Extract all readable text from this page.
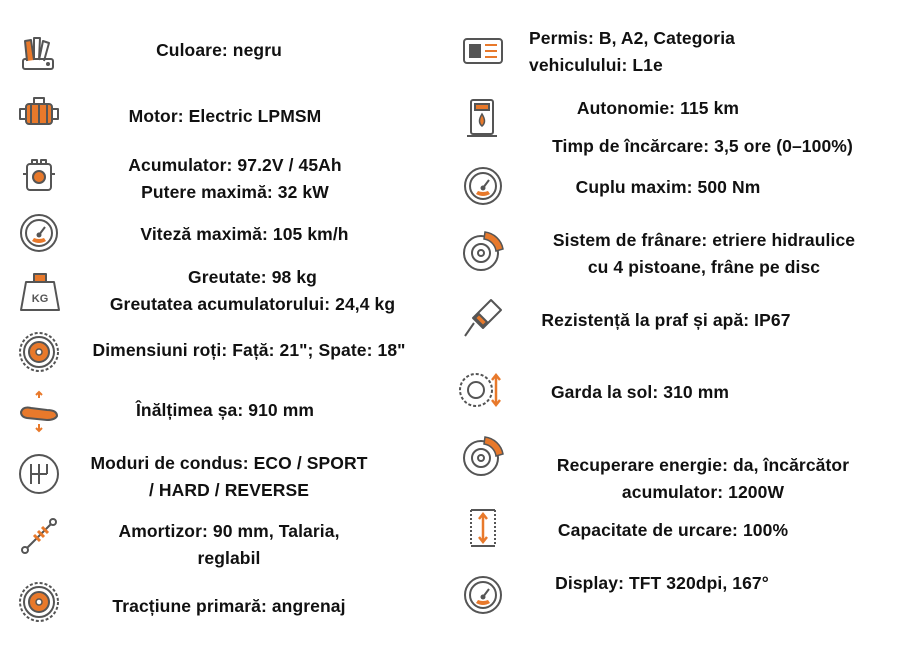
Culoare: negru
Motor: Electric LPMSM
Acumulator: 97.2V / 45Ah
Putere maximă: 32 kW
Viteză maximă: 105 km/h
KG
Greutate: 98 kg
Greutatea acumulatorului: 24,4 kg
Dimensiuni roți: Față: 21"; Spate: 18"
Înălțimea șa: 910 mm
Moduri de condus: ECO / SPORT
/ HARD / REVERSE
Amortizor: 90 mm, Talaria,
reglabil
Tracțiune primară: angrenaj
Permis: B, A2, Categoria
vehiculului: L1e
Autonomie: 115 km
Timp de încărcare: 3,5 ore (0–100%)
Cuplu maxim: 500 Nm
Sistem de frânare: etriere hidraulice
cu 4 pistoane, frâne pe disc
Rezistență la praf și apă: IP67
Garda la sol: 310 mm
Recuperare energie: da, încărcător
acumulator: 1200W
Capacitate de urcare: 100%
Display: TFT 320dpi, 167°
